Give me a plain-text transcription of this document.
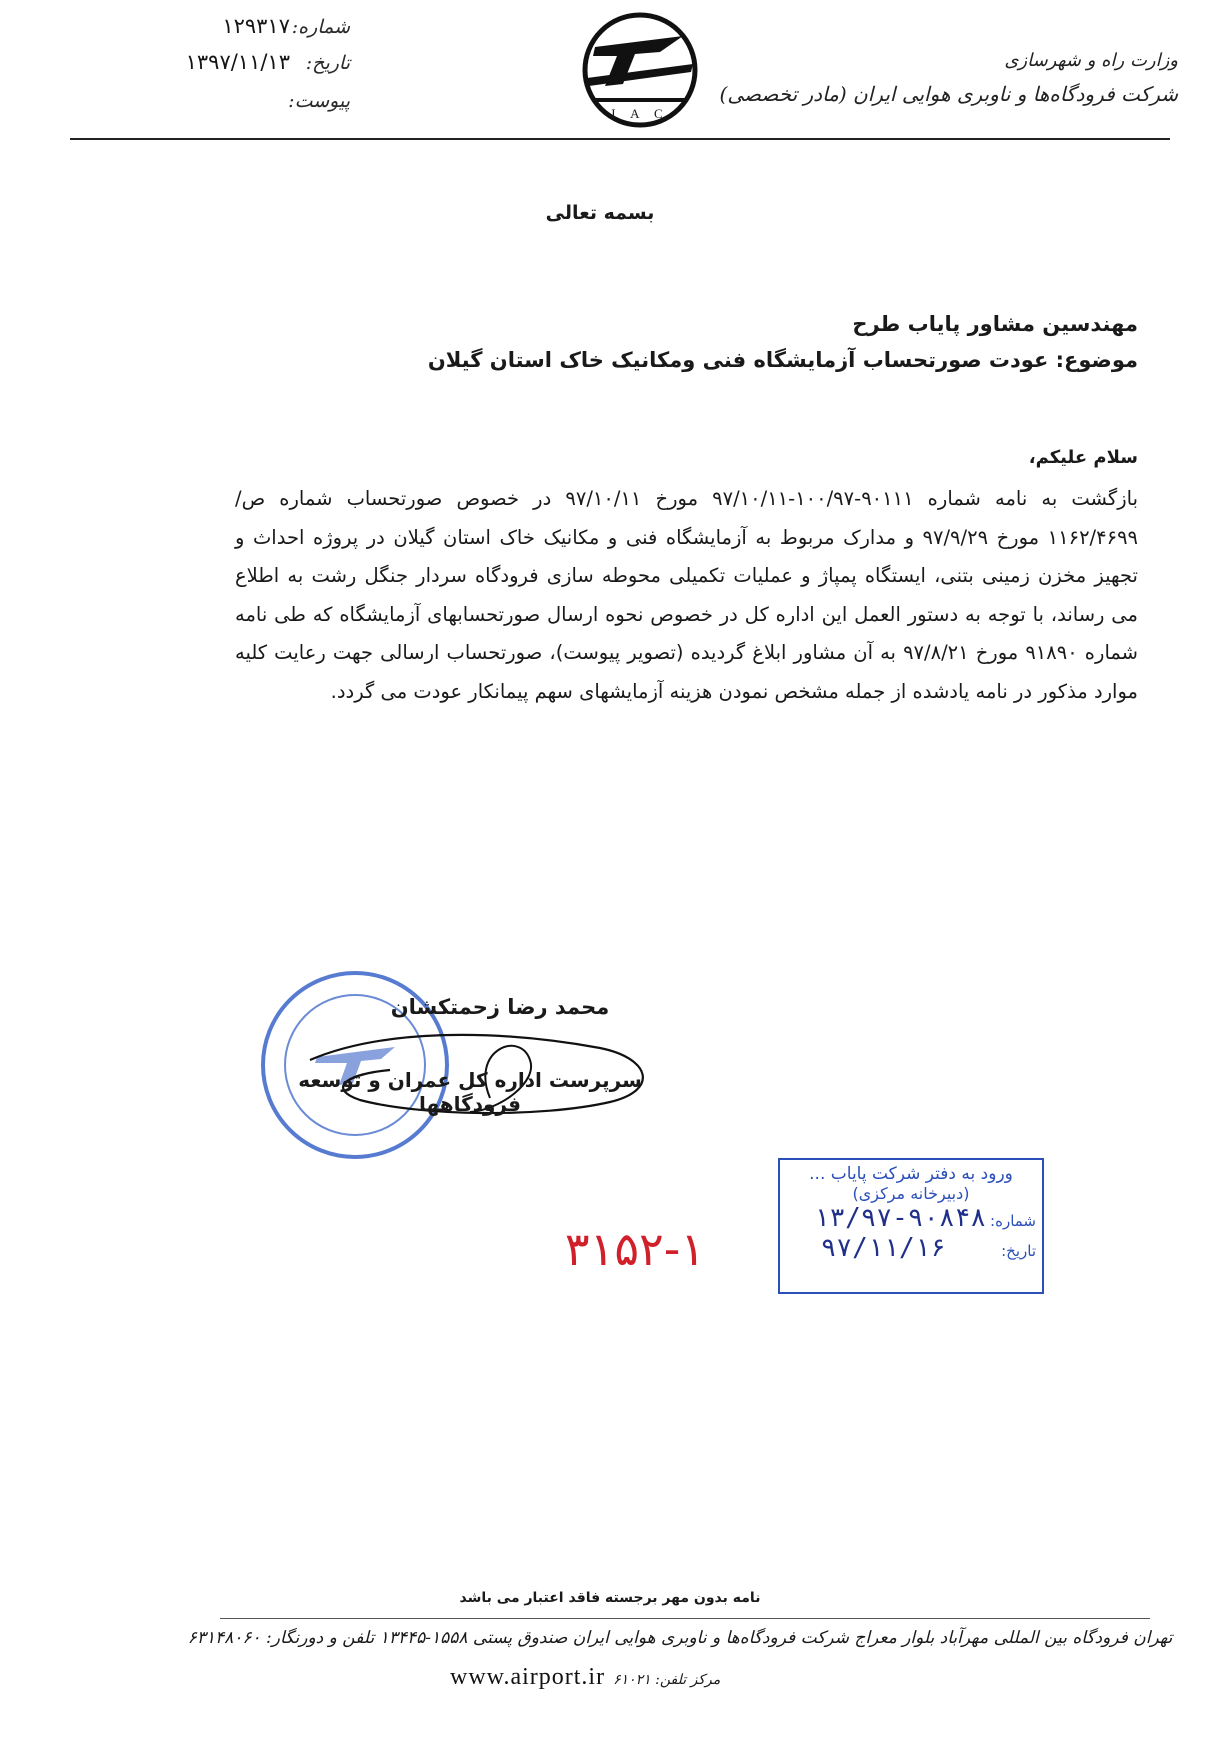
شماره:
۱۲۹۳۱۷
تاریخ:
۱۳۹۷/۱۱/۱۳
پیوست:
I A C
وزارت راه و شهرسازی
شرکت فرودگاه‌ها و ناوبری هوایی ایران (مادر تخصصی)
بسمه تعالی
مهندسین مشاور پایاب طرح
موضوع: عودت صورتحساب آزمایشگاه فنی ومکانیک خاک استان گیلان
سلام علیکم،
بازگشت به نامه شماره ۹۰۱۱۱-۱۰۰/۹۷-۹۷/۱۰/۱۱ مورخ ۹۷/۱۰/۱۱ در خصوص صورتحساب شماره ص/۱۱۶۲/۴۶۹۹ مورخ ۹۷/۹/۲۹ و مدارک مربوط به آزمایشگاه فنی و مکانیک خاک استان گیلان در پروژه احداث و تجهیز مخزن زمینی بتنی، ایستگاه پمپاژ و عملیات تکمیلی محوطه سازی فرودگاه سردار جنگل رشت به اطلاع می رساند، با توجه به دستور العمل این اداره کل در خصوص نحوه ارسال صورتحسابهای آزمایشگاه که طی نامه شماره ۹۱۸۹۰ مورخ ۹۷/۸/۲۱ به آن مشاور ابلاغ گردیده (تصویر پیوست)، صورتحساب ارسالی جهت رعایت کلیه موارد مذکور در نامه یادشده از جمله مشخص نمودن هزینه آزمایشهای سهم پیمانکار عودت می گردد.
محمد رضا زحمتکشان
سرپرست اداره کل عمران و توسعه فرودگاهها
ورود به دفتر شرکت پایاب ...
(دبیرخانه مرکزی)
شماره:
۱۳/۹۷-۹۰۸۴۸
تاریخ:
۹۷/۱۱/۱۶
۳۱۵۲-۱
نامه بدون مهر برجسته فاقد اعتبار می باشد
تهران فرودگاه بین المللی مهرآباد بلوار معراج شرکت فرودگاه‌ها و ناوبری هوایی ایران صندوق پستی ۱۵۵۸-۱۳۴۴۵ تلفن و دورنگار: ۶۳۱۴۸۰۶۰
www.airport.ir مرکز تلفن: ۶۱۰۲۱
